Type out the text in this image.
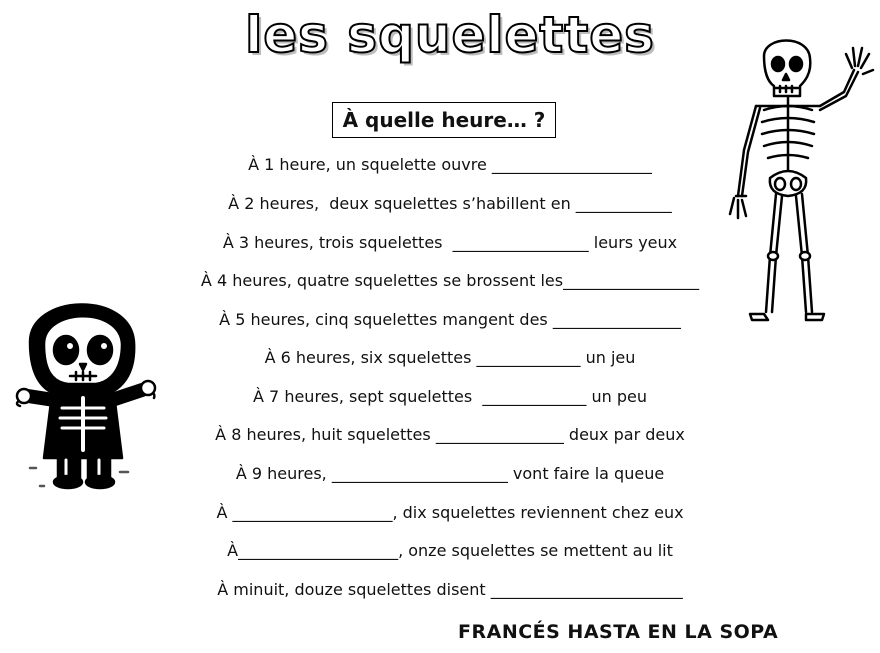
les squelettes
À quelle heure… ?
À 1 heure, un squelette ouvre ____________________
À 2 heures,  deux squelettes s’habillent en ____________
À 3 heures, trois squelettes  _________________ leurs yeux
À 4 heures, quatre squelettes se brossent les_________________
À 5 heures, cinq squelettes mangent des ________________
À 6 heures, six squelettes _____________ un jeu
À 7 heures, sept squelettes  _____________ un peu
À 8 heures, huit squelettes ________________ deux par deux
À 9 heures, ______________________ vont faire la queue
À ____________________, dix squelettes reviennent chez eux
À____________________, onze squelettes se mettent au lit
À minuit, douze squelettes disent ________________________
FRANCÉS HASTA EN LA SOPA
